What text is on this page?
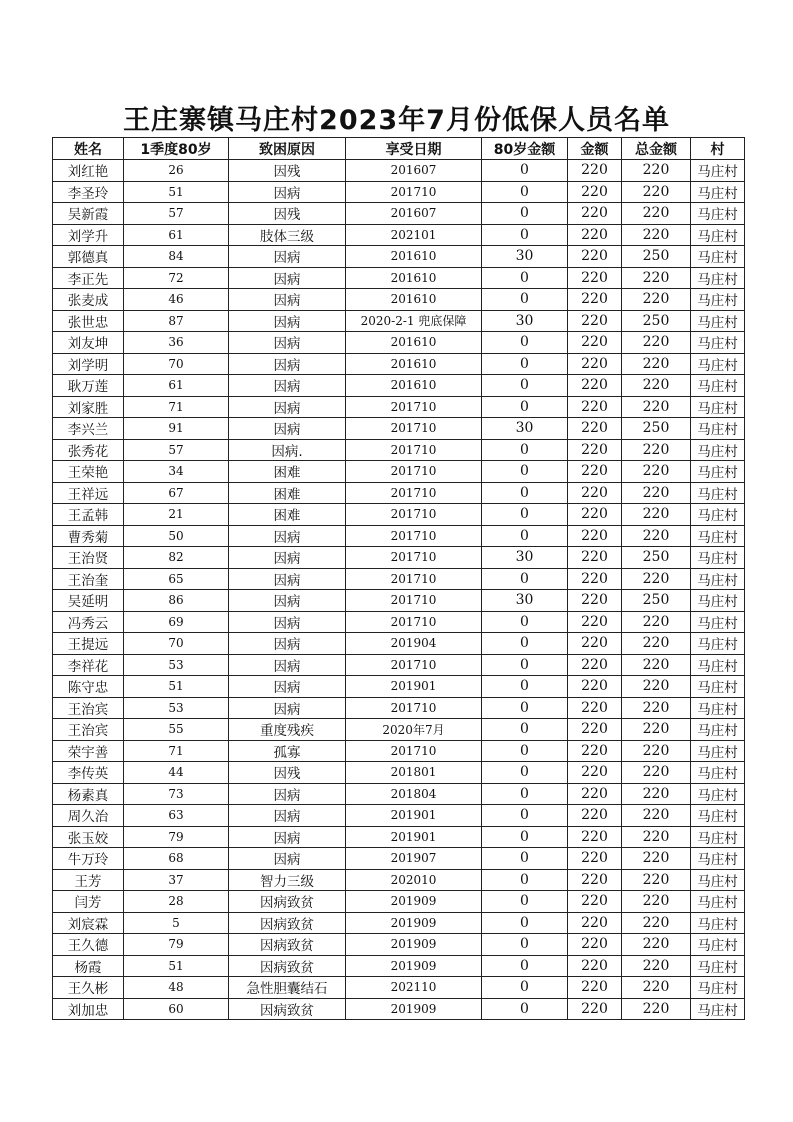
王庄寨镇马庄村2023年7月份低保人员名单
姓名	1季度80岁	致困原因	享受日期	80岁金额	金额	总金额	村
刘红艳	26	因残	201607	0	220	220	马庄村
李圣玲	51	因病	201710	0	220	220	马庄村
吴新霞	57	因残	201607	0	220	220	马庄村
刘学升	61	肢体三级	202101	0	220	220	马庄村
郭德真	84	因病	201610	30	220	250	马庄村
李正先	72	因病	201610	0	220	220	马庄村
张麦成	46	因病	201610	0	220	220	马庄村
张世忠	87	因病	2020-2-1 兜底保障	30	220	250	马庄村
刘友坤	36	因病	201610	0	220	220	马庄村
刘学明	70	因病	201610	0	220	220	马庄村
耿万莲	61	因病	201610	0	220	220	马庄村
刘家胜	71	因病	201710	0	220	220	马庄村
李兴兰	91	因病	201710	30	220	250	马庄村
张秀花	57	因病.	201710	0	220	220	马庄村
王荣艳	34	困难	201710	0	220	220	马庄村
王祥远	67	困难	201710	0	220	220	马庄村
王孟韩	21	困难	201710	0	220	220	马庄村
曹秀菊	50	因病	201710	0	220	220	马庄村
王治贤	82	因病	201710	30	220	250	马庄村
王治奎	65	因病	201710	0	220	220	马庄村
吴延明	86	因病	201710	30	220	250	马庄村
冯秀云	69	因病	201710	0	220	220	马庄村
王提远	70	因病	201904	0	220	220	马庄村
李祥花	53	因病	201710	0	220	220	马庄村
陈守忠	51	因病	201901	0	220	220	马庄村
王治宾	53	因病	201710	0	220	220	马庄村
王治宾	55	重度残疾	2020年7月	0	220	220	马庄村
荣宇善	71	孤寡	201710	0	220	220	马庄村
李传英	44	因残	201801	0	220	220	马庄村
杨素真	73	因病	201804	0	220	220	马庄村
周久治	63	因病	201901	0	220	220	马庄村
张玉姣	79	因病	201901	0	220	220	马庄村
牛万玲	68	因病	201907	0	220	220	马庄村
王芳	37	智力三级	202010	0	220	220	马庄村
闫芳	28	因病致贫	201909	0	220	220	马庄村
刘宸霖	5	因病致贫	201909	0	220	220	马庄村
王久德	79	因病致贫	201909	0	220	220	马庄村
杨霞	51	因病致贫	201909	0	220	220	马庄村
王久彬	48	急性胆囊结石	202110	0	220	220	马庄村
刘加忠	60	因病致贫	201909	0	220	220	马庄村
